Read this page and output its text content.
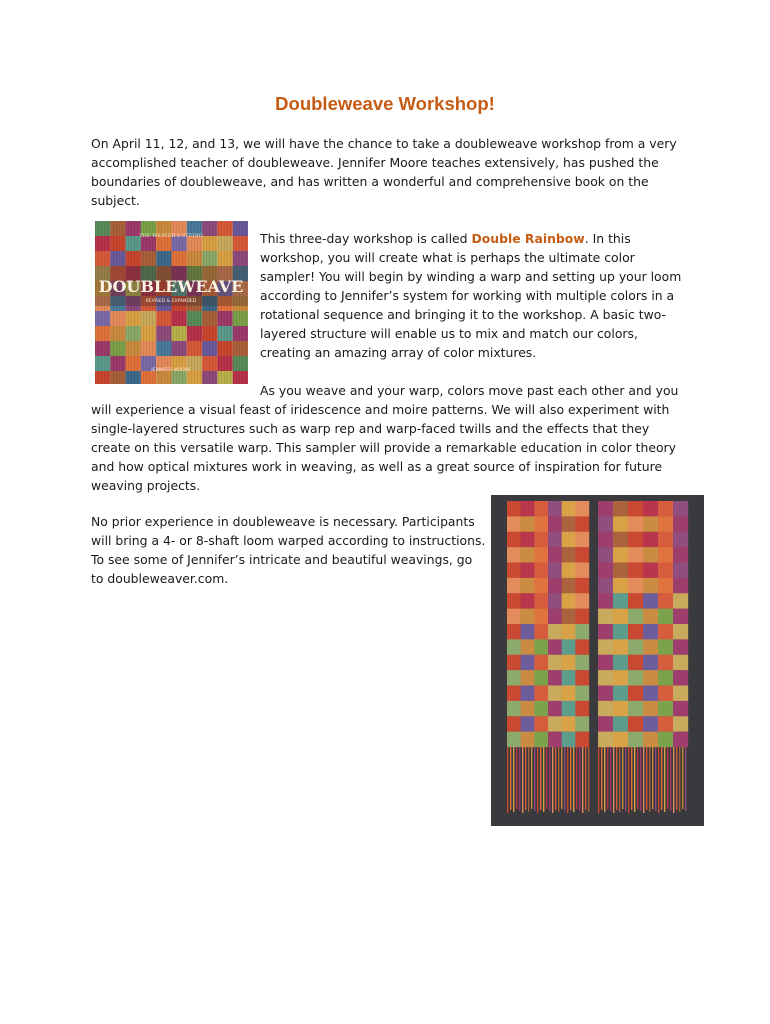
Doubleweave Workshop!

On April 11, 12, and 13, we will have the chance to take a doubleweave workshop from a very
accomplished teacher of doubleweave. Jennifer Moore teaches extensively, has pushed the
boundaries of doubleweave, and has written a wonderful and comprehensive book on the
subject.

THE WEAVER'S STUDIO
DOUBLEWEAVE
REVISED & EXPANDED
JENNIFER MOORE

This three-day workshop is called Double Rainbow. In this
workshop, you will create what is perhaps the ultimate color
sampler! You will begin by winding a warp and setting up your loom
according to Jennifer’s system for working with multiple colors in a
rotational sequence and bringing it to the workshop. A basic two-
layered structure will enable us to mix and match our colors,
creating an amazing array of color mixtures.

As you weave and your warp, colors move past each other and you

will experience a visual feast of iridescence and moire patterns. We will also experiment with
single-layered structures such as warp rep and warp-faced twills and the effects that they
create on this versatile warp. This sampler will provide a remarkable education in color theory
and how optical mixtures work in weaving, as well as a great source of inspiration for future
weaving projects.

No prior experience in doubleweave is necessary. Participants
will bring a 4- or 8-shaft loom warped according to instructions.
To see some of Jennifer’s intricate and beautiful weavings, go
to doubleweaver.com.
